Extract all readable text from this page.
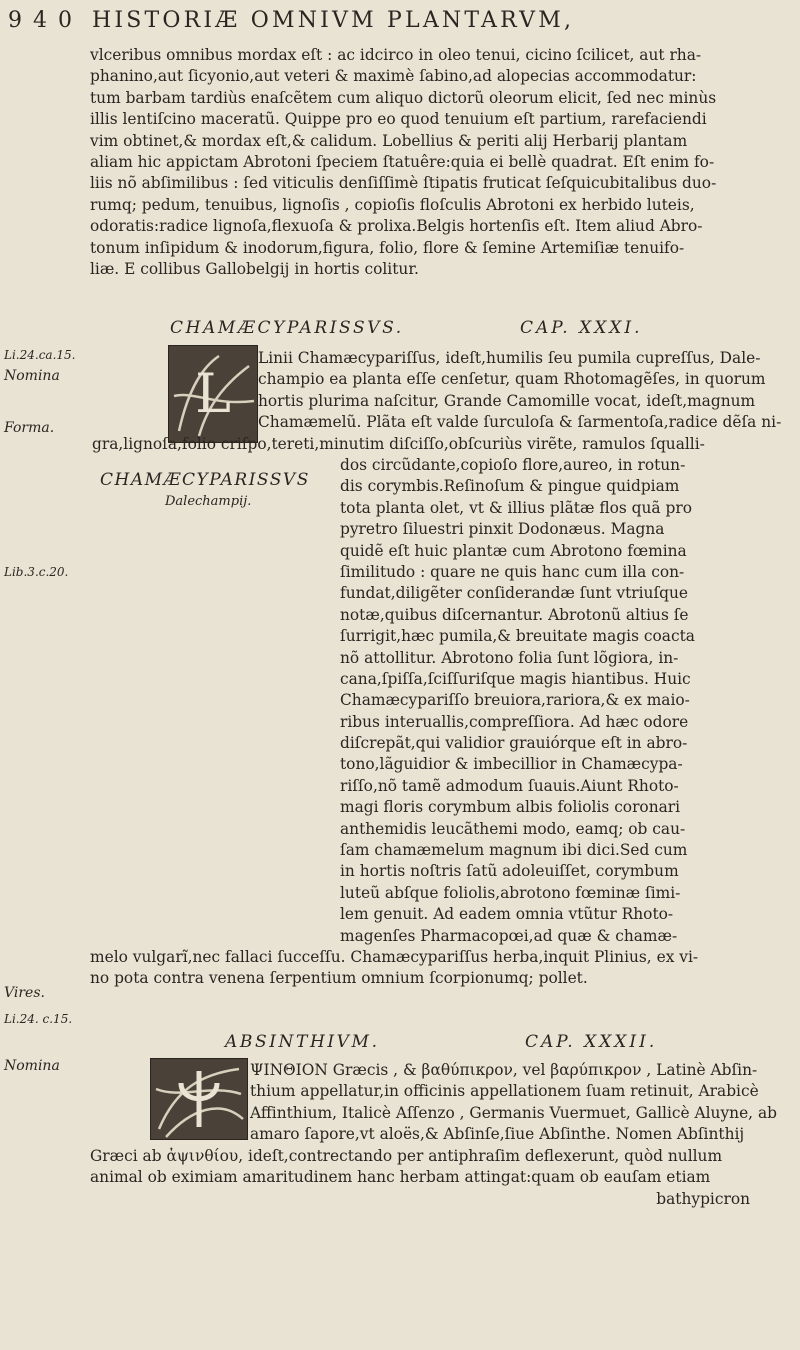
9 4 0 HISTORIÆ OMNIVM PLANTARVM,
vlceribus omnibus mordax eſt : ac idcirco in oleo tenui, cicino ſcilicet, aut rha-
phanino,aut ſicyonio,aut veteri & maximè ſabino,ad alopecias accommodatur:
tum barbam tardiùs enaſcẽtem cum aliquo dictorũ oleorum elicit, ſed nec minùs
illis lentiſcino maceratũ. Quippe pro eo quod tenuium eſt partium, rarefaciendi
vim obtinet,& mordax eſt,& calidum. Lobellius & periti alij Herbarij plantam
aliam hic appictam Abrotoni ſpeciem ſtatuêre:quia ei bellè quadrat. Eſt enim fo-
liis nõ abſimilibus : ſed viticulis denſiſſimè ſtipatis fruticat ſeſquicubitalibus duo-
rumq; pedum, tenuibus, lignoſis , copioſis floſculis Abrotoni ex herbido luteis,
odoratis:radice lignoſa,flexuoſa & prolixa.Belgis hortenſis eſt. Item aliud Abro-
tonum inſipidum & inodorum,figura, folio, flore & ſemine Artemiſiæ tenuifo-
liæ. E collibus Gallobelgij in hortis colitur.
CHAMÆCYPARISSVS.	CAP. XXXI.
Li.24.ca.15.
Nomina
Forma.
Lib.3.c.20.
Vires.
Li.24. c.15.
Nomina
L
Linii Chamæcypariſſus, ideſt,humilis ſeu pumila cupreſſus, Dale-
champio ea planta eſſe cenſetur, quam Rhotomagẽſes, in quorum
hortis plurima naſcitur, Grande Camomille vocat, ideſt,magnum
Chamæmelũ. Plãta eſt valde ſurculoſa & ſarmentoſa,radice dẽſa ni-
gra,lignoſa,folio criſpo,tereti,minutim diſciſſo,obſcuriùs virẽte, ramulos ſqualli-
CHAMÆCYPARISSVS
Dalechampij.
dos circũdante,copioſo flore,aureo, in rotun-
dis corymbis.Reſinoſum & pingue quidpiam
tota planta olet, vt & illius plãtæ flos quã pro
pyretro ſiluestri pinxit Dodonæus. Magna
quidẽ eſt huic plantæ cum Abrotono fœmina
ſimilitudo : quare ne quis hanc cum illa con-
fundat,diligẽter conſiderandæ ſunt vtriuſque
notæ,quibus diſcernantur. Abrotonũ altius ſe
ſurrigit,hæc pumila,& breuitate magis coacta
nõ attollitur. Abrotono folia ſunt lõgiora, in-
cana,ſpiſſa,ſciſſuriſque magis hiantibus. Huic
Chamæcypariſſo breuiora,rariora,& ex maio-
ribus interuallis,compreſſiora. Ad hæc odore
diſcrepãt,qui validior grauiórque eſt in abro-
tono,lãguidior & imbecillior in Chamæcypa-
riſſo,nõ tamẽ admodum ſuauis.Aiunt Rhoto-
magi floris corymbum albis foliolis coronari
anthemidis leucãthemi modo, eamq; ob cau-
ſam chamæmelum magnum ibi dici.Sed cum
in hortis noſtris ſatũ adoleuiſſet, corymbum
luteũ abſque foliolis,abrotono fœminæ ſimi-
lem genuit. Ad eadem omnia vtũtur Rhoto-
magenſes Pharmacopœi,ad quæ & chamæ-
melo vulgarĩ,nec fallaci ſucceſſu. Chamæcypariſſus herba,inquit Plinius, ex vi-
no pota contra venena ſerpentium omnium ſcorpionumq; pollet.
ABSINTHIVM.	CAP. XXXII.
ΨΙΝΘΙΟΝ Græcis , & βαθύπικρον, vel βαρύπικρον , Latinè Abſin-
thium appellatur,in officinis appellationem ſuam retinuit, Arabicè
Affinthium, Italicè Aſſenzo , Germanis Vuermuet, Gallicè Aluyne, ab
amaro ſapore,vt aloës,& Abſinſe,ſiue Abſinthe. Nomen Abſinthij
Græci ab ἀψινθίου, ideſt,contrectando per antiphraſim deflexerunt, quòd nullum
animal ob eximiam amaritudinem hanc herbam attingat:quam ob eauſam etiam
bathypicron
